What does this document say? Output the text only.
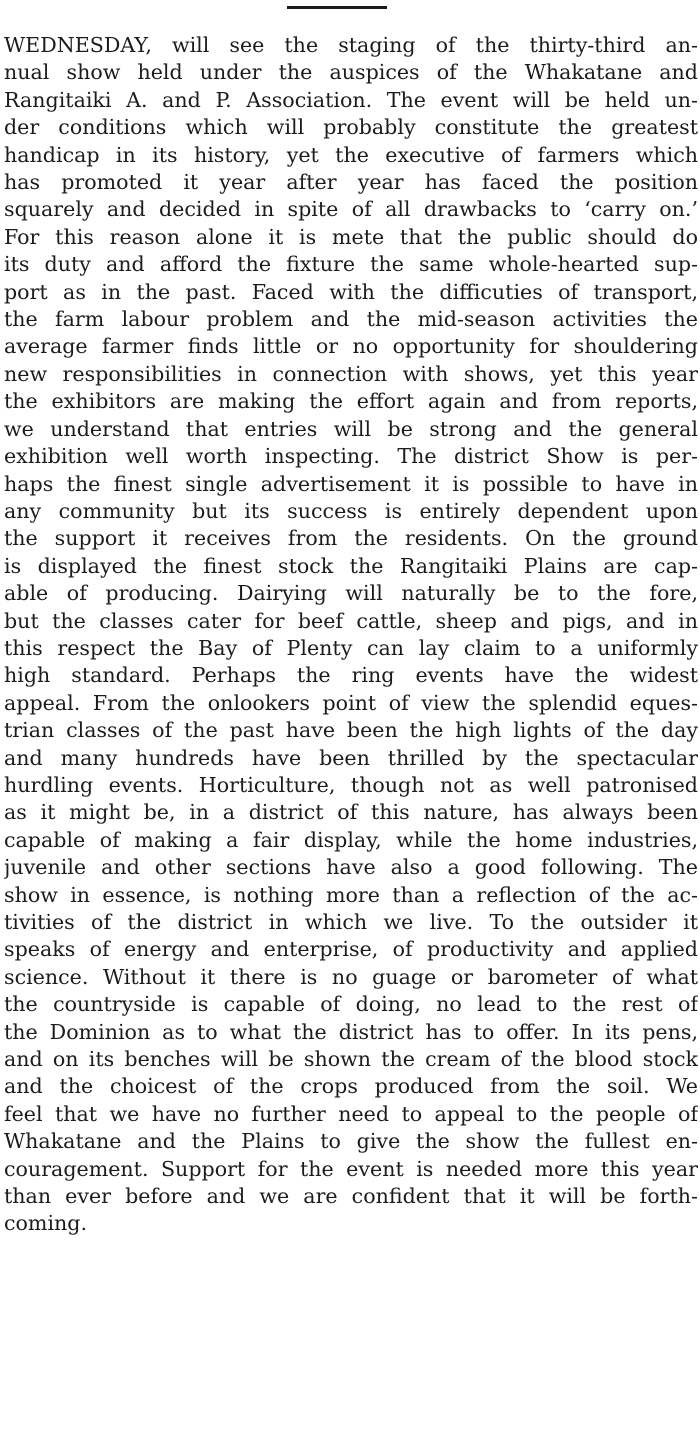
WEDNESDAY, will see the staging of the thirty-third an-
nual show held under the auspices of the Whakatane and
Rangitaiki A. and P. Association. The event will be held un-
der conditions which will probably constitute the greatest
handicap in its history, yet the executive of farmers which
has promoted it year after year has faced the position
squarely and decided in spite of all drawbacks to ‘carry on.’
For this reason alone it is mete that the public should do
its duty and afford the fixture the same whole-hearted sup-
port as in the past. Faced with the difficuties of transport,
the farm labour problem and the mid-season activities the
average farmer finds little or no opportunity for shouldering
new responsibilities in connection with shows, yet this year
the exhibitors are making the effort again and from reports,
we understand that entries will be strong and the general
exhibition well worth inspecting. The district Show is per-
haps the finest single advertisement it is possible to have in
any community but its success is entirely dependent upon
the support it receives from the residents. On the ground
is displayed the finest stock the Rangitaiki Plains are cap-
able of producing. Dairying will naturally be to the fore,
but the classes cater for beef cattle, sheep and pigs, and in
this respect the Bay of Plenty can lay claim to a uniformly
high standard. Perhaps the ring events have the widest
appeal. From the onlookers point of view the splendid eques-
trian classes of the past have been the high lights of the day
and many hundreds have been thrilled by the spectacular
hurdling events. Horticulture, though not as well patronised
as it might be, in a district of this nature, has always been
capable of making a fair display, while the home industries,
juvenile and other sections have also a good following. The
show in essence, is nothing more than a reflection of the ac-
tivities of the district in which we live. To the outsider it
speaks of energy and enterprise, of productivity and applied
science. Without it there is no guage or barometer of what
the countryside is capable of doing, no lead to the rest of
the Dominion as to what the district has to offer. In its pens,
and on its benches will be shown the cream of the blood stock
and the choicest of the crops produced from the soil. We
feel that we have no further need to appeal to the people of
Whakatane and the Plains to give the show the fullest en-
couragement. Support for the event is needed more this year
than ever before and we are confident that it will be forth-
coming.
